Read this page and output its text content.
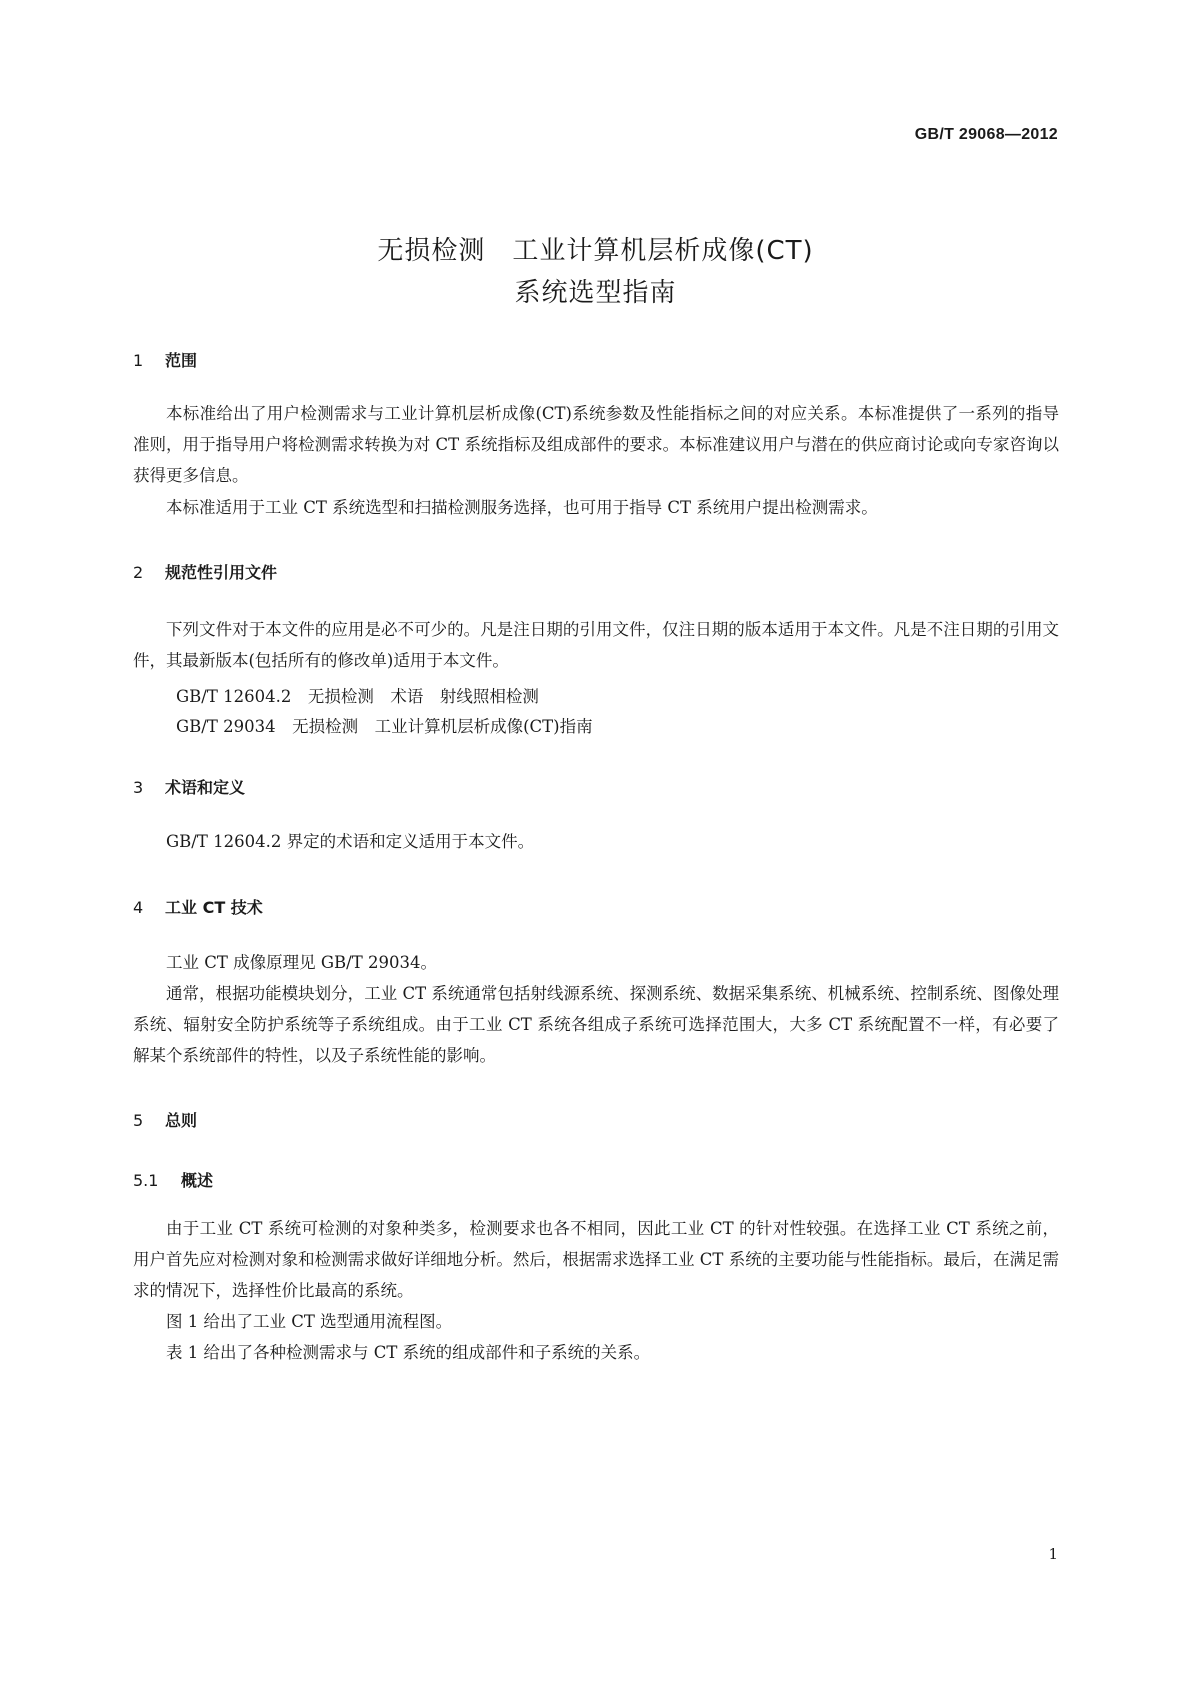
GB/T 29068—2012
无损检测　工业计算机层析成像(CT)
系统选型指南
1 范围

本标准给出了用户检测需求与工业计算机层析成像(CT)系统参数及性能指标之间的对应关系。本标准提供了一系列的指导准则，用于指导用户将检测需求转换为对 CT 系统指标及组成部件的要求。本标准建议用户与潜在的供应商讨论或向专家咨询以获得更多信息。

本标准适用于工业 CT 系统选型和扫描检测服务选择，也可用于指导 CT 系统用户提出检测需求。

2 规范性引用文件

下列文件对于本文件的应用是必不可少的。凡是注日期的引用文件，仅注日期的版本适用于本文件。凡是不注日期的引用文件，其最新版本(包括所有的修改单)适用于本文件。

GB/T 12604.2　无损检测　术语　射线照相检测
GB/T 29034　无损检测　工业计算机层析成像(CT)指南
3 术语和定义

GB/T 12604.2 界定的术语和定义适用于本文件。

4 工业 CT 技术

工业 CT 成像原理见 GB/T 29034。

通常，根据功能模块划分，工业 CT 系统通常包括射线源系统、探测系统、数据采集系统、机械系统、控制系统、图像处理系统、辐射安全防护系统等子系统组成。由于工业 CT 系统各组成子系统可选择范围大，大多 CT 系统配置不一样，有必要了解某个系统部件的特性，以及子系统性能的影响。

5 总则
5.1 概述

由于工业 CT 系统可检测的对象种类多，检测要求也各不相同，因此工业 CT 的针对性较强。在选择工业 CT 系统之前，用户首先应对检测对象和检测需求做好详细地分析。然后，根据需求选择工业 CT 系统的主要功能与性能指标。最后，在满足需求的情况下，选择性价比最高的系统。

图 1 给出了工业 CT 选型通用流程图。

表 1 给出了各种检测需求与 CT 系统的组成部件和子系统的关系。

1
